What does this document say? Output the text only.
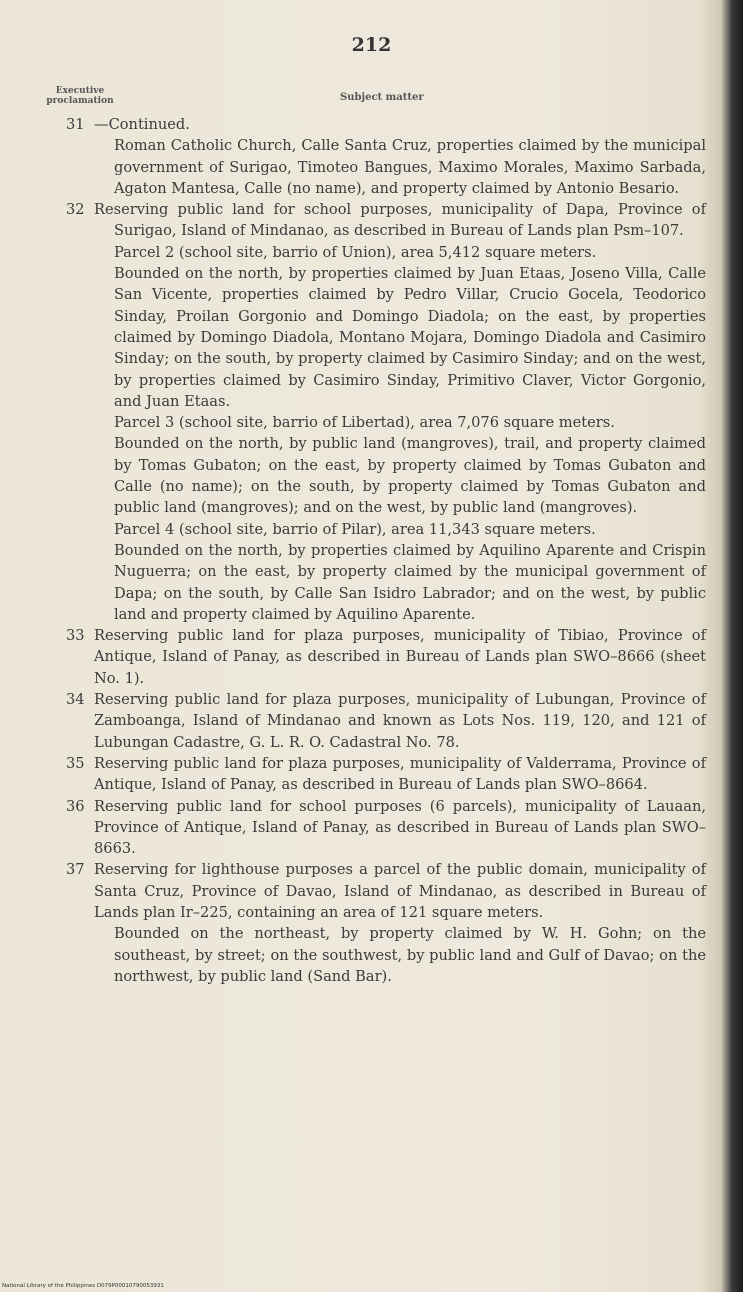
212
Executive proclamation	Subject matter
31 —Continued.

Roman Catholic Church, Calle Santa Cruz, properties claimed by the municipal government of Surigao, Timoteo Bangues, Maximo Morales, Maximo Sarbada, Agaton Mantesa, Calle (no name), and property claimed by Antonio Besario.

32 Reserving public land for school purposes, municipality of Dapa, Province of Surigao, Island of Mindanao, as described in Bureau of Lands plan Psm–107.

Parcel 2 (school site, barrio of Union), area 5,412 square meters.

Bounded on the north, by properties claimed by Juan Etaas, Joseno Villa, Calle San Vicente, properties claimed by Pedro Villar, Crucio Gocela, Teodorico Sinday, Proilan Gorgonio and Domingo Diadola; on the east, by properties claimed by Domingo Diadola, Montano Mojara, Domingo Diadola and Casimiro Sinday; on the south, by property claimed by Casimiro Sinday; and on the west, by properties claimed by Casimiro Sinday, Primitivo Claver, Victor Gorgonio, and Juan Etaas.

Parcel 3 (school site, barrio of Libertad), area 7,076 square meters.

Bounded on the north, by public land (mangroves), trail, and property claimed by Tomas Gubaton; on the east, by property claimed by Tomas Gubaton and Calle (no name); on the south, by property claimed by Tomas Gubaton and public land (mangroves); and on the west, by public land (mangroves).

Parcel 4 (school site, barrio of Pilar), area 11,343 square meters.

Bounded on the north, by properties claimed by Aquilino Aparente and Crispin Nuguerra; on the east, by property claimed by the municipal government of Dapa; on the south, by Calle San Isidro Labrador; and on the west, by public land and property claimed by Aquilino Aparente.

33 Reserving public land for plaza purposes, municipality of Tibiao, Province of Antique, Island of Panay, as described in Bureau of Lands plan SWO–8666 (sheet No. 1).
34 Reserving public land for plaza purposes, municipality of Lubungan, Province of Zamboanga, Island of Mindanao and known as Lots Nos. 119, 120, and 121 of Lubungan Cadastre, G. L. R. O. Cadastral No. 78.
35 Reserving public land for plaza purposes, municipality of Valderrama, Province of Antique, Island of Panay, as described in Bureau of Lands plan SWO–8664.
36 Reserving public land for school purposes (6 parcels), municipality of Lauaan, Province of Antique, Island of Panay, as described in Bureau of Lands plan SWO–8663.
37 Reserving for lighthouse purposes a parcel of the public domain, municipality of Santa Cruz, Province of Davao, Island of Mindanao, as described in Bureau of Lands plan Ir–225, containing an area of 121 square meters.

Bounded on the northeast, by property claimed by W. H. Gohn; on the southeast, by street; on the southwest, by public land and Gulf of Davao; on the northwest, by public land (Sand Bar).

National Library of the Philippines D079P00010790053931
